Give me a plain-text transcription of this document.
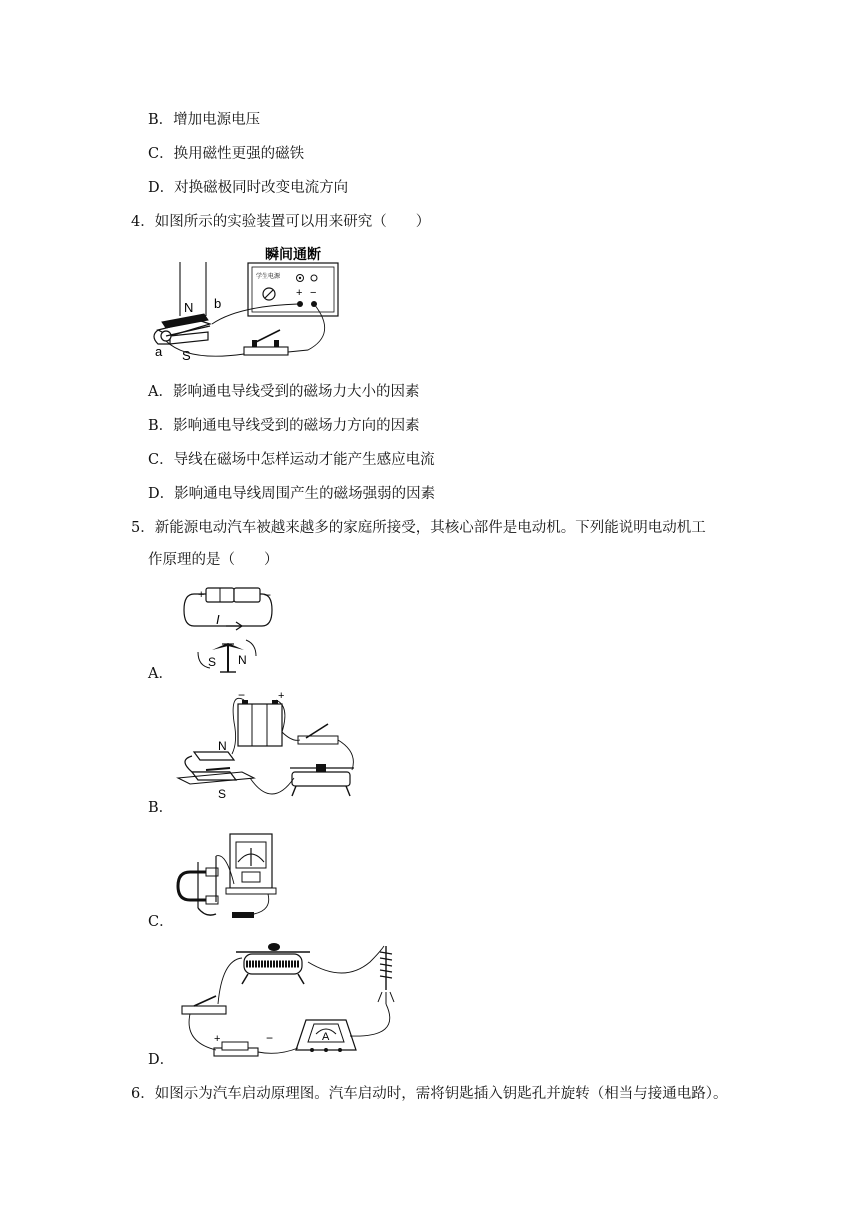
B．增加电源电压
C．换用磁性更强的磁铁
D．对换磁极同时改变电流方向
4．如图所示的实验装置可以用来研究（　　）
瞬间通断
学生电源
+ −
N
S
a
b
A．影响通电导线受到的磁场力大小的因素
B．影响通电导线受到的磁场力方向的因素
C．导线在磁场中怎样运动才能产生感应电流
D．影响通电导线周围产生的磁场强弱的因素
5．新能源电动汽车被越来越多的家庭所接受，其核心部件是电动机。下列能说明电动机工
作原理的是（　　）
+	−
I
S N
A．
−	+
N
S
B．
C．
+	−	A
D．
6．如图示为汽车启动原理图。汽车启动时，需将钥匙插入钥匙孔并旋转（相当与接通电路）。
